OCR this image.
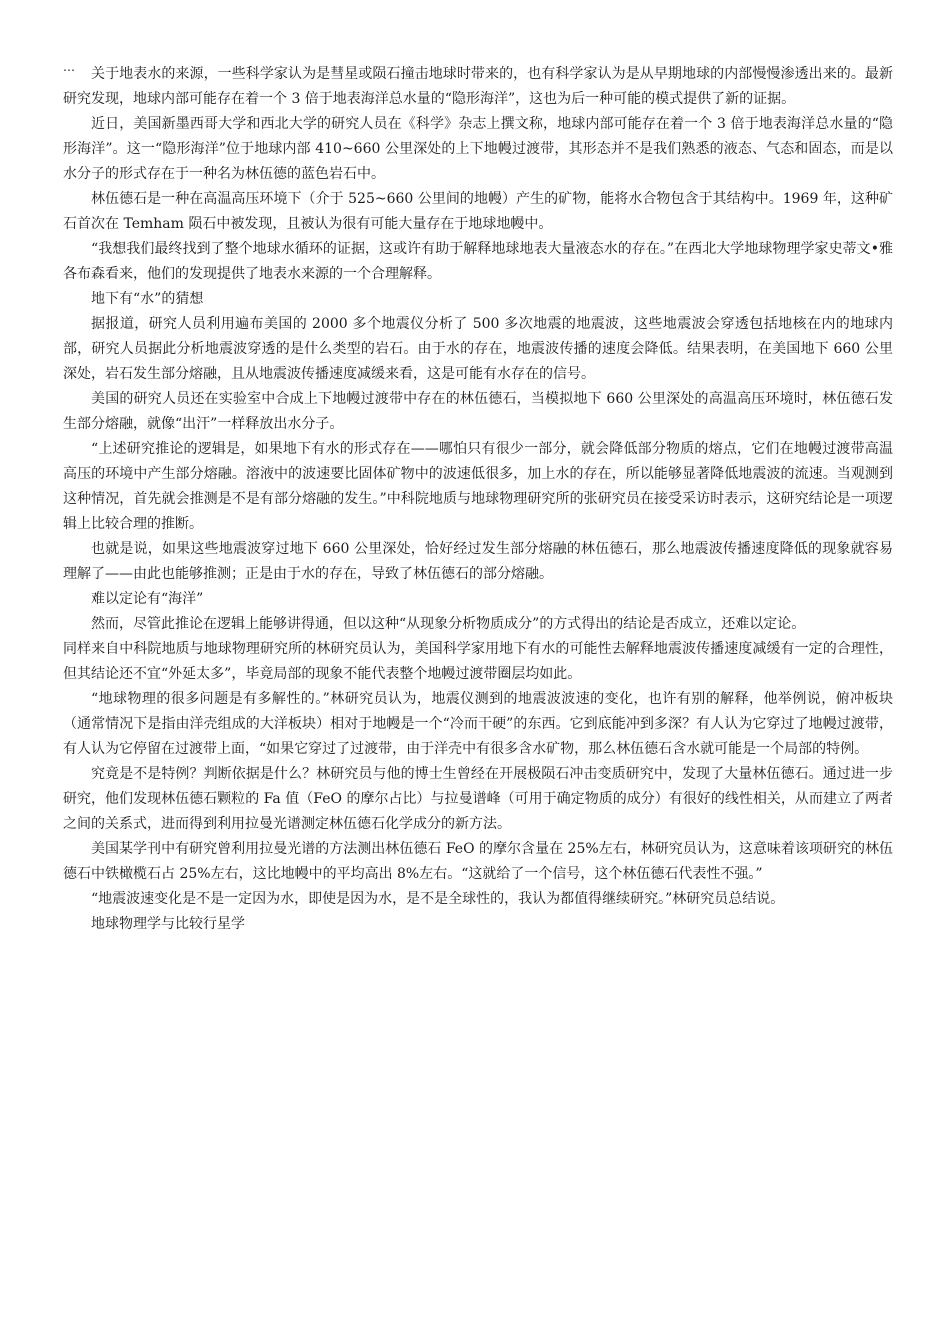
…	关于地表水的来源，一些科学家认为是彗星或陨石撞击地球时带来的，也有科学家认为是从早期地球的内部慢慢渗透出来的。最新研究发现，地球内部可能存在着一个 3 倍于地表海洋总水量的“隐形海洋”，这也为后一种可能的模式提供了新的证据。

近日，美国新墨西哥大学和西北大学的研究人员在《科学》杂志上撰文称，地球内部可能存在着一个 3 倍于地表海洋总水量的“隐形海洋”。这一“隐形海洋”位于地球内部 410~660 公里深处的上下地幔过渡带，其形态并不是我们熟悉的液态、气态和固态，而是以水分子的形式存在于一种名为林伍德的蓝色岩石中。

林伍德石是一种在高温高压环境下（介于 525~660 公里间的地幔）产生的矿物，能将水合物包含于其结构中。1969 年，这种矿石首次在 Temham 陨石中被发现，且被认为很有可能大量存在于地球地幔中。

“我想我们最终找到了整个地球水循环的证据，这或许有助于解释地球地表大量液态水的存在。”在西北大学地球物理学家史蒂文•雅各布森看来，他们的发现提供了地表水来源的一个合理解释。

地下有“水”的猜想

据报道，研究人员利用遍布美国的 2000 多个地震仪分析了 500 多次地震的地震波，这些地震波会穿透包括地核在内的地球内部，研究人员据此分析地震波穿透的是什么类型的岩石。由于水的存在，地震波传播的速度会降低。结果表明，在美国地下 660 公里深处，岩石发生部分熔融，且从地震波传播速度减缓来看，这是可能有水存在的信号。

美国的研究人员还在实验室中合成上下地幔过渡带中存在的林伍德石，当模拟地下 660 公里深处的高温高压环境时，林伍德石发生部分熔融，就像“出汗”一样释放出水分子。

“上述研究推论的逻辑是，如果地下有水的形式存在——哪怕只有很少一部分，就会降低部分物质的熔点，它们在地幔过渡带高温高压的环境中产生部分熔融。溶液中的波速要比固体矿物中的波速低很多，加上水的存在，所以能够显著降低地震波的流速。当观测到这种情况，首先就会推测是不是有部分熔融的发生。”中科院地质与地球物理研究所的张研究员在接受采访时表示，这研究结论是一项逻辑上比较合理的推断。

也就是说，如果这些地震波穿过地下 660 公里深处，恰好经过发生部分熔融的林伍德石，那么地震波传播速度降低的现象就容易理解了——由此也能够推测；正是由于水的存在，导致了林伍德石的部分熔融。

难以定论有“海洋”

然而，尽管此推论在逻辑上能够讲得通，但以这种“从现象分析物质成分”的方式得出的结论是否成立，还难以定论。

同样来自中科院地质与地球物理研究所的林研究员认为，美国科学家用地下有水的可能性去解释地震波传播速度减缓有一定的合理性，但其结论还不宜“外延太多”，毕竟局部的现象不能代表整个地幔过渡带圈层均如此。

“地球物理的很多问题是有多解性的。”林研究员认为，地震仪测到的地震波波速的变化，也许有别的解释，他举例说，俯冲板块（通常情况下是指由洋壳组成的大洋板块）相对于地幔是一个“冷而干硬”的东西。它到底能冲到多深？有人认为它穿过了地幔过渡带，有人认为它停留在过渡带上面，“如果它穿过了过渡带，由于洋壳中有很多含水矿物，那么林伍德石含水就可能是一个局部的特例。

究竟是不是特例？判断依据是什么？林研究员与他的博士生曾经在开展极陨石冲击变质研究中，发现了大量林伍德石。通过进一步研究，他们发现林伍德石颗粒的 Fa 值（FeO 的摩尔占比）与拉曼谱峰（可用于确定物质的成分）有很好的线性相关，从而建立了两者之间的关系式，进而得到利用拉曼光谱测定林伍德石化学成分的新方法。

美国某学刊中有研究曾利用拉曼光谱的方法测出林伍德石 FeO 的摩尔含量在 25%左右，林研究员认为，这意味着该项研究的林伍德石中铁橄榄石占 25%左右，这比地幔中的平均高出 8%左右。“这就给了一个信号，这个林伍德石代表性不强。”

“地震波速变化是不是一定因为水，即使是因为水，是不是全球性的，我认为都值得继续研究。”林研究员总结说。

地球物理学与比较行星学
